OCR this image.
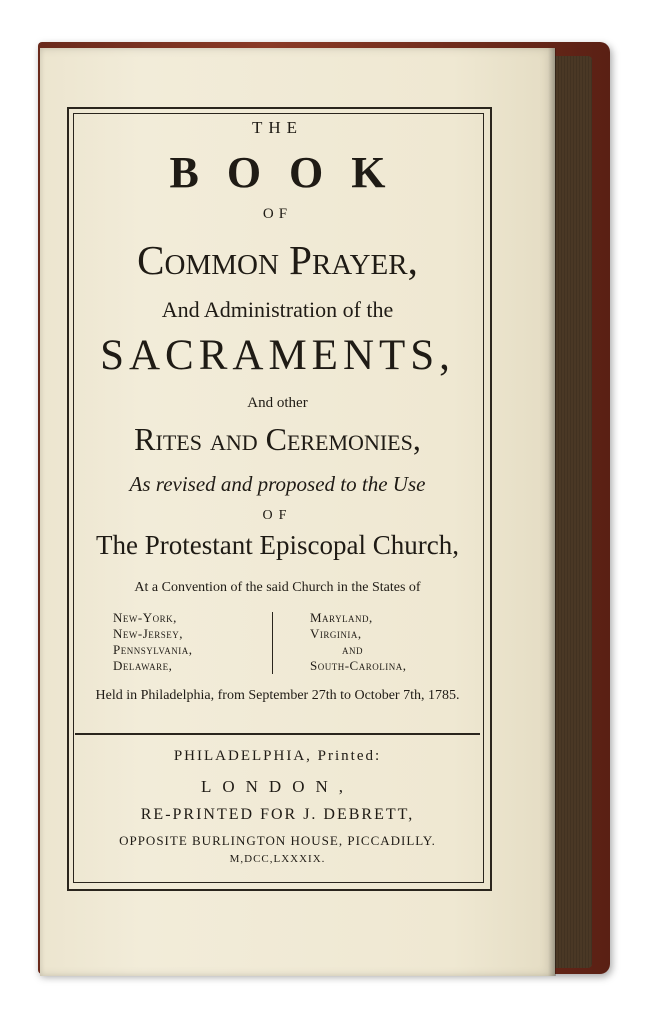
THE
BOOK
OF
Common Prayer,
And Administration of the
SACRAMENTS,
And other
Rites and Ceremonies,
As revised and proposed to the Use
OF
The Protestant Episcopal Church,
At a Convention of the said Church in the States of
New-York,
New-Jersey,
Pennsylvania,
Delaware,
Maryland,
Virginia,
and
South-Carolina,
Held in Philadelphia, from September 27th to October 7th, 1785.
PHILADELPHIA, Printed:
LONDON,
RE-PRINTED FOR J. DEBRETT,
OPPOSITE BURLINGTON HOUSE, PICCADILLY.
M,DCC,LXXXIX.
